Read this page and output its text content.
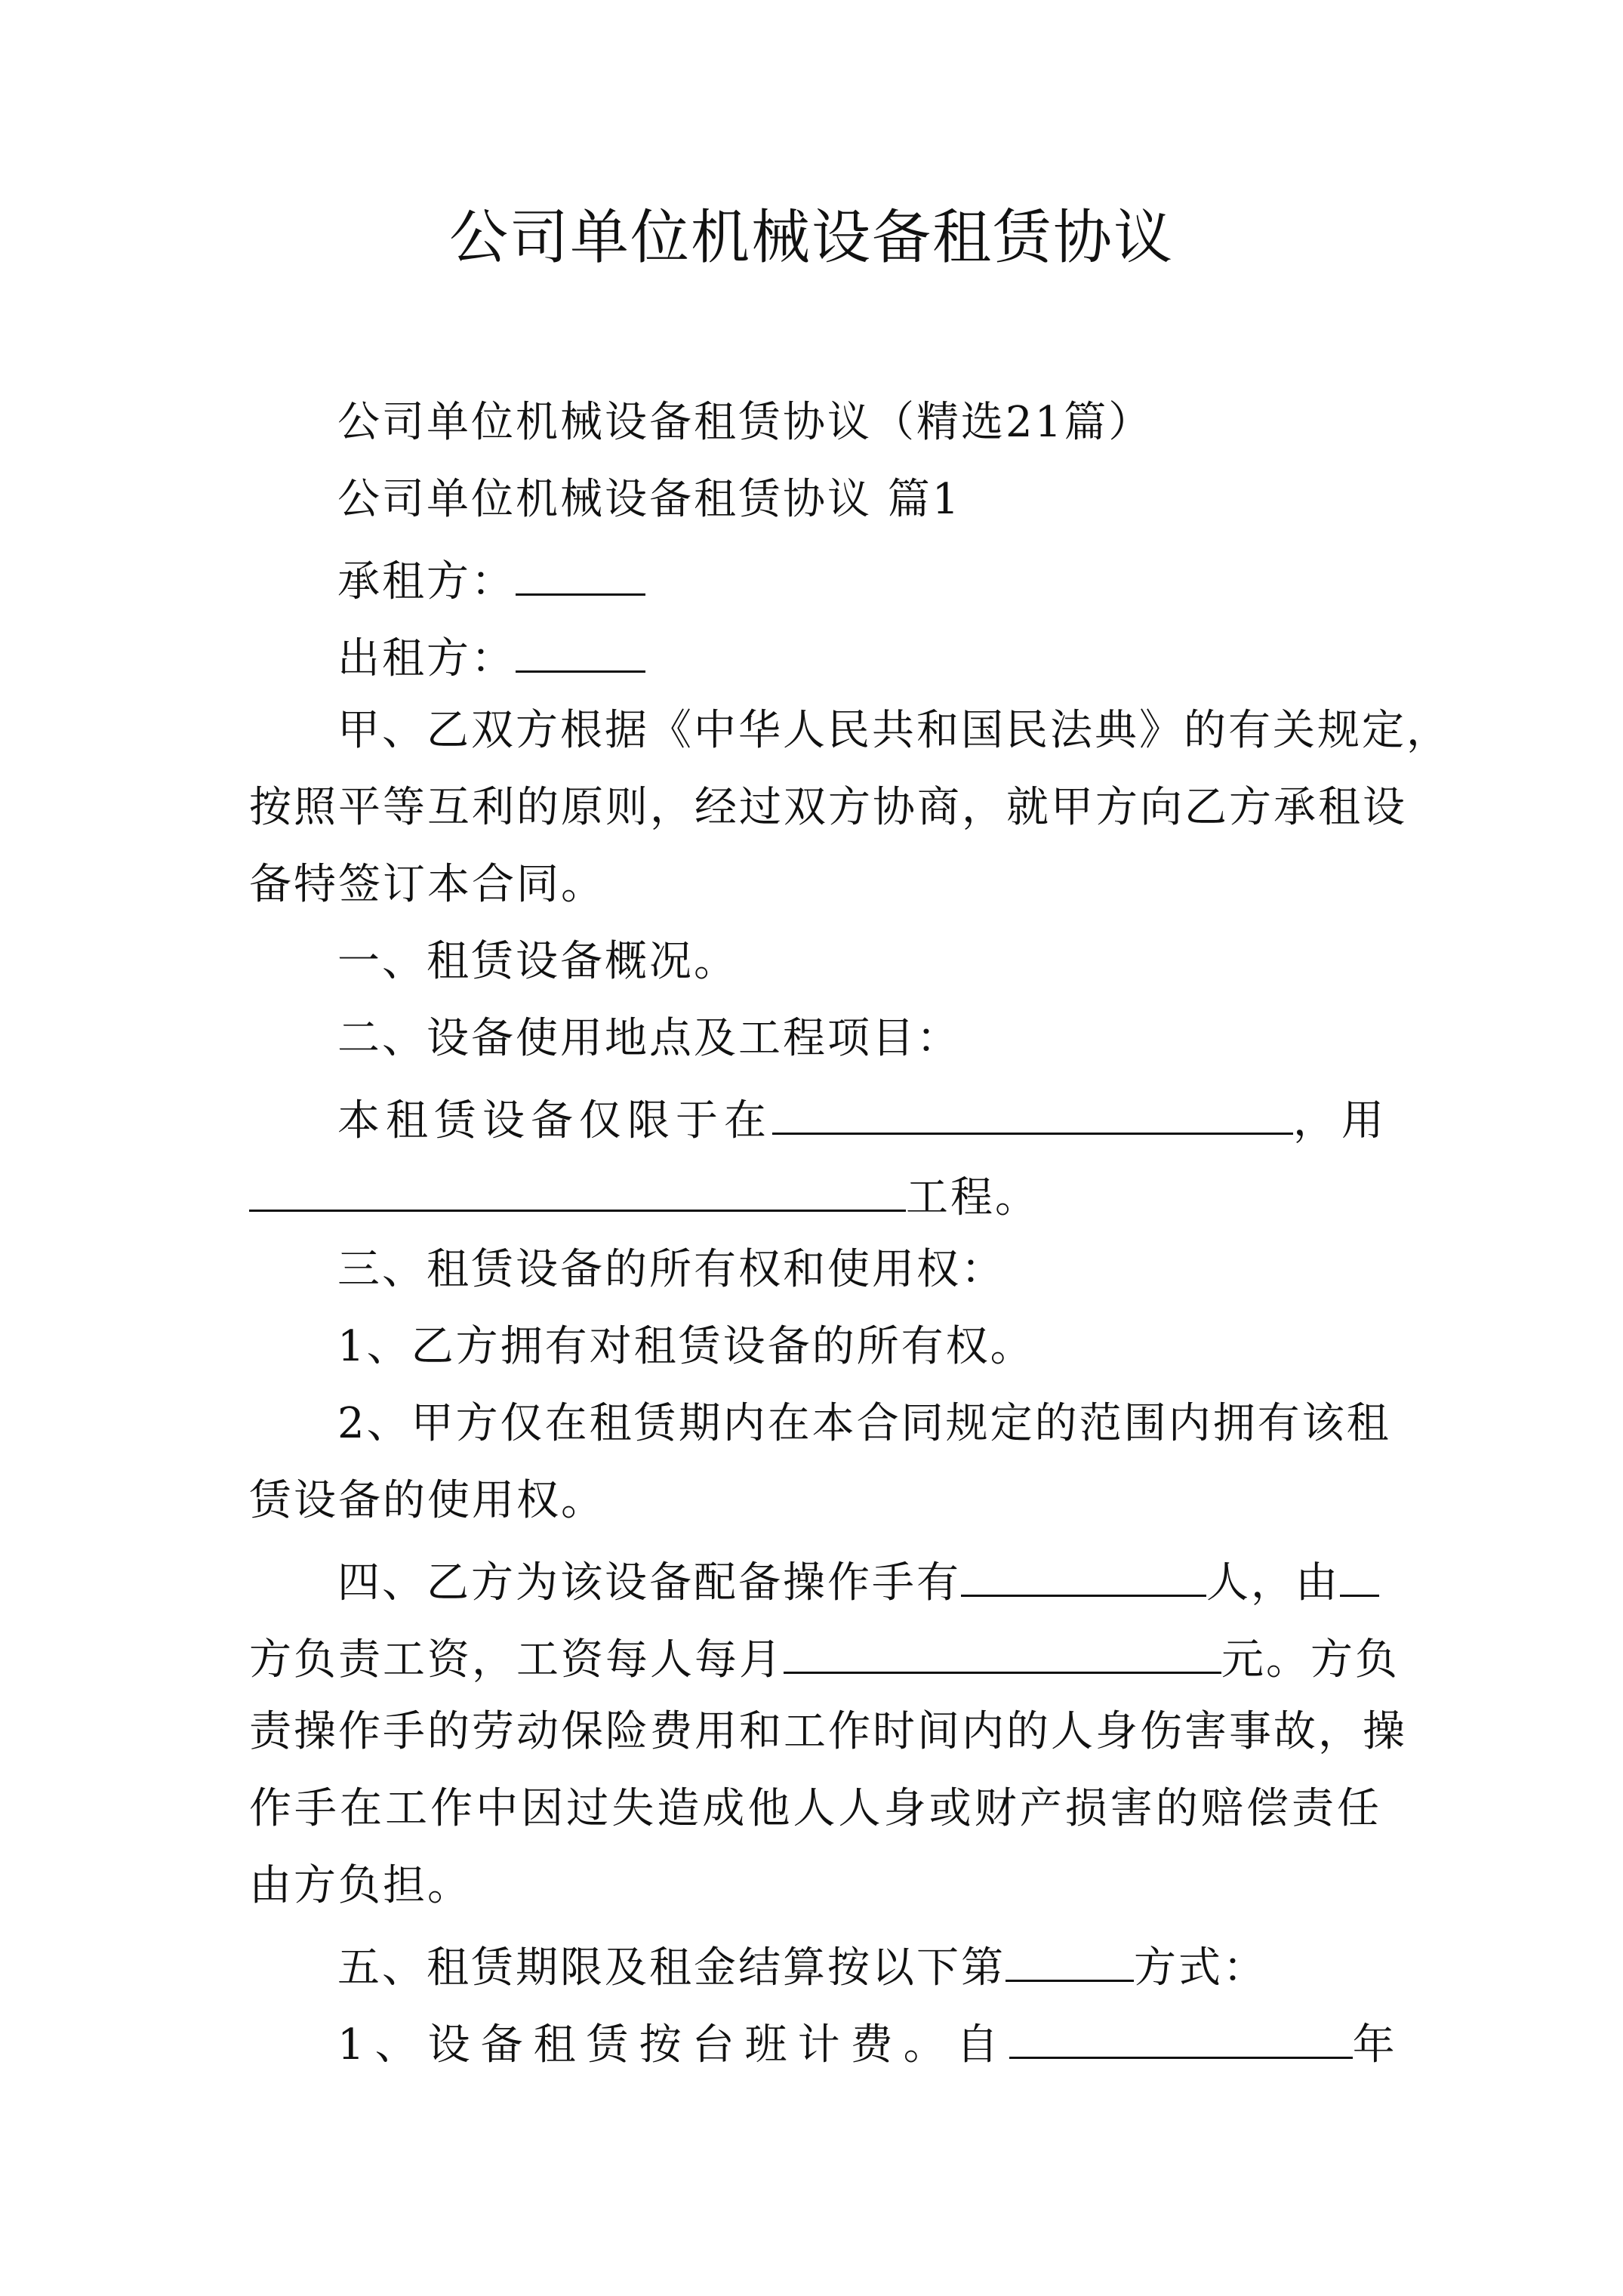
公司单位机械设备租赁协议
公司单位机械设备租赁协议（精选21篇）
公司单位机械设备租赁协议 篇1
承租方：
出租方：
甲、乙双方根据《中华人民共和国民法典》的有关规定，
按照平等互利的原则，经过双方协商，就甲方向乙方承租设
备特签订本合同。
一、租赁设备概况。
二、设备使用地点及工程项目：
本租赁设备仅限于在	，用
工程。
三、租赁设备的所有权和使用权：
1、乙方拥有对租赁设备的所有权。
2、甲方仅在租赁期内在本合同规定的范围内拥有该租
赁设备的使用权。
四、乙方为该设备配备操作手有	人，由
方负责工资，工资每人每月	元。方负
责操作手的劳动保险费用和工作时间内的人身伤害事故，操
作手在工作中因过失造成他人人身或财产损害的赔偿责任
由方负担。
五、租赁期限及租金结算按以下第	方式：
1、设备租赁按台班计费。自	年
